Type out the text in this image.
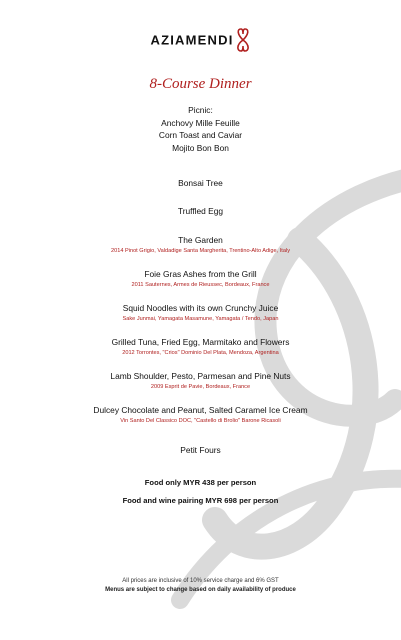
AZIAMENDI
8-Course Dinner
Picnic:
Anchovy Mille Feuille
Corn Toast and Caviar
Mojito Bon Bon
Bonsai Tree
Truffled Egg
The Garden
2014 Pinot Grigio, Valdadige Santa Margherita, Trentino-Alto Adige, Italy
Foie Gras Ashes from the Grill
2011 Sauternes, Armes de Rieussec, Bordeaux, France
Squid Noodles with its own Crunchy Juice
Sake Junmai, Yamagata Masamune, Yamagata / Tendo, Japan
Grilled Tuna, Fried Egg, Marmitako and Flowers
2012 Torrontes, "Crios" Dominio Del Plata, Mendoza, Argentina
Lamb Shoulder, Pesto, Parmesan and Pine Nuts
2009 Esprit de Pavie, Bordeaux, France
Dulcey Chocolate and Peanut, Salted Caramel Ice Cream
Vin Santo Del Classico DOC, "Castello di Brolio" Barone Ricasoli
Petit Fours
Food only MYR 438 per person
Food and wine pairing MYR 698 per person
All prices are inclusive of 10% service charge and 6% GST
Menus are subject to change based on daily availability of produce
